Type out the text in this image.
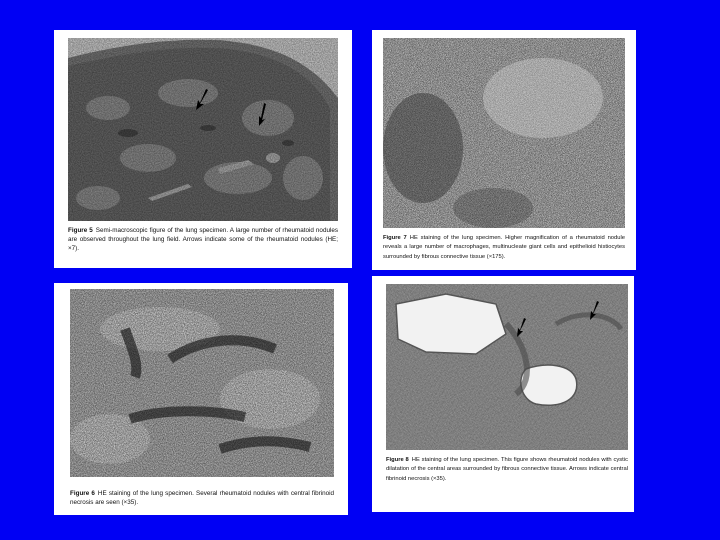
Figure 5 Semi-macroscopic figure of the lung specimen. A large number of rheumatoid nodules are observed throughout the lung field. Arrows indicate some of the rheumatoid nodules (HE; ×7).

Figure 7 HE staining of the lung specimen. Higher magnification of a rheumatoid nodule reveals a large number of macrophages, multinucleate giant cells and epithelioid histiocytes surrounded by fibrous connective tissue (×175).

Figure 6 HE staining of the lung specimen. Several rheumatoid nodules with central fibrinoid necrosis are seen (×35).

Figure 8 HE staining of the lung specimen. This figure shows rheumatoid nodules with cystic dilatation of the central areas surrounded by fibrous connective tissue. Arrows indicate central fibrinoid necrosis (×35).
